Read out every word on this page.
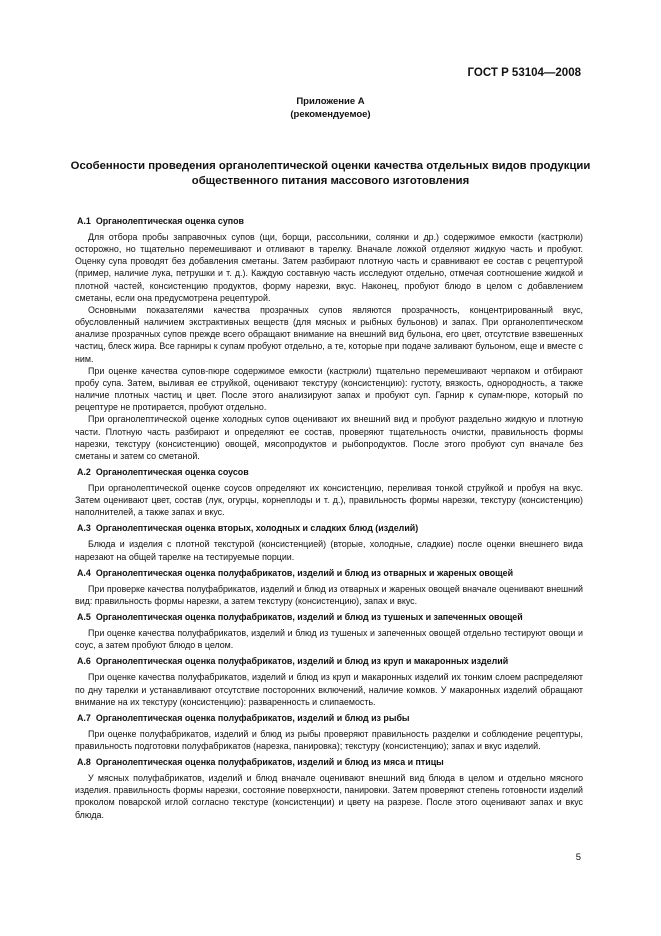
ГОСТ Р 53104—2008
Приложение А
(рекомендуемое)
Особенности проведения органолептической оценки качества отдельных видов продукции общественного питания массового изготовления
А.1 Органолептическая оценка супов

Для отбора пробы заправочных супов (щи, борщи, рассольники, солянки и др.) содержимое емкости (кастрюли) осторожно, но тщательно перемешивают и отливают в тарелку. Вначале ложкой отделяют жидкую часть и пробуют. Оценку супа проводят без добавления сметаны. Затем разбирают плотную часть и сравнивают ее состав с рецептурой (пример, наличие лука, петрушки и т. д.). Каждую составную часть исследуют отдельно, отмечая соотношение жидкой и плотной частей, консистенцию продуктов, форму нарезки, вкус. Наконец, пробуют блюдо в целом с добавлением сметаны, если она предусмотрена рецептурой.

Основными показателями качества прозрачных супов являются прозрачность, концентрированный вкус, обусловленный наличием экстрактивных веществ (для мясных и рыбных бульонов) и запах. При органолептическом анализе прозрачных супов прежде всего обращают внимание на внешний вид бульона, его цвет, отсутствие взвешенных частиц, блеск жира. Все гарниры к супам пробуют отдельно, а те, которые при подаче заливают бульоном, еще и вместе с ним.

При оценке качества супов-пюре содержимое емкости (кастрюли) тщательно перемешивают черпаком и отбирают пробу супа. Затем, выливая ее струйкой, оценивают текстуру (консистенцию): густоту, вязкость, однородность, а также наличие плотных частиц и цвет. После этого анализируют запах и пробуют суп. Гарнир к супам-пюре, который по рецептуре не протирается, пробуют отдельно.

При органолептической оценке холодных супов оценивают их внешний вид и пробуют раздельно жидкую и плотную части. Плотную часть разбирают и определяют ее состав, проверяют тщательность очистки, правильность формы нарезки, текстуру (консистенцию) овощей, мясопродуктов и рыбопродуктов. После этого пробуют суп вначале без сметаны и затем со сметаной.

А.2 Органолептическая оценка соусов

При органолептической оценке соусов определяют их консистенцию, переливая тонкой струйкой и пробуя на вкус. Затем оценивают цвет, состав (лук, огурцы, корнеплоды и т. д.), правильность формы нарезки, текстуру (консистенцию) наполнителей, а также запах и вкус.

А.3 Органолептическая оценка вторых, холодных и сладких блюд (изделий)

Блюда и изделия с плотной текстурой (консистенцией) (вторые, холодные, сладкие) после оценки внешнего вида нарезают на общей тарелке на тестируемые порции.

А.4 Органолептическая оценка полуфабрикатов, изделий и блюд из отварных и жареных овощей

При проверке качества полуфабрикатов, изделий и блюд из отварных и жареных овощей вначале оценивают внешний вид: правильность формы нарезки, а затем текстуру (консистенцию), запах и вкус.

А.5 Органолептическая оценка полуфабрикатов, изделий и блюд из тушеных и запеченных овощей

При оценке качества полуфабрикатов, изделий и блюд из тушеных и запеченных овощей отдельно тестируют овощи и соус, а затем пробуют блюдо в целом.

А.6 Органолептическая оценка полуфабрикатов, изделий и блюд из круп и макаронных изделий

При оценке качества полуфабрикатов, изделий и блюд из круп и макаронных изделий их тонким слоем распределяют по дну тарелки и устанавливают отсутствие посторонних включений, наличие комков. У макаронных изделий обращают внимание на их текстуру (консистенцию): разваренность и слипаемость.

А.7 Органолептическая оценка полуфабрикатов, изделий и блюд из рыбы

При оценке полуфабрикатов, изделий и блюд из рыбы проверяют правильность разделки и соблюдение рецептуры, правильность подготовки полуфабрикатов (нарезка, панировка); текстуру (консистенцию); запах и вкус изделий.

А.8 Органолептическая оценка полуфабрикатов, изделий и блюд из мяса и птицы

У мясных полуфабрикатов, изделий и блюд вначале оценивают внешний вид блюда в целом и отдельно мясного изделия. правильность формы нарезки, состояние поверхности, панировки. Затем проверяют степень готовности изделий проколом поварской иглой согласно текстуре (консистенции) и цвету на разрезе. После этого оценивают запах и вкус блюда.

5
